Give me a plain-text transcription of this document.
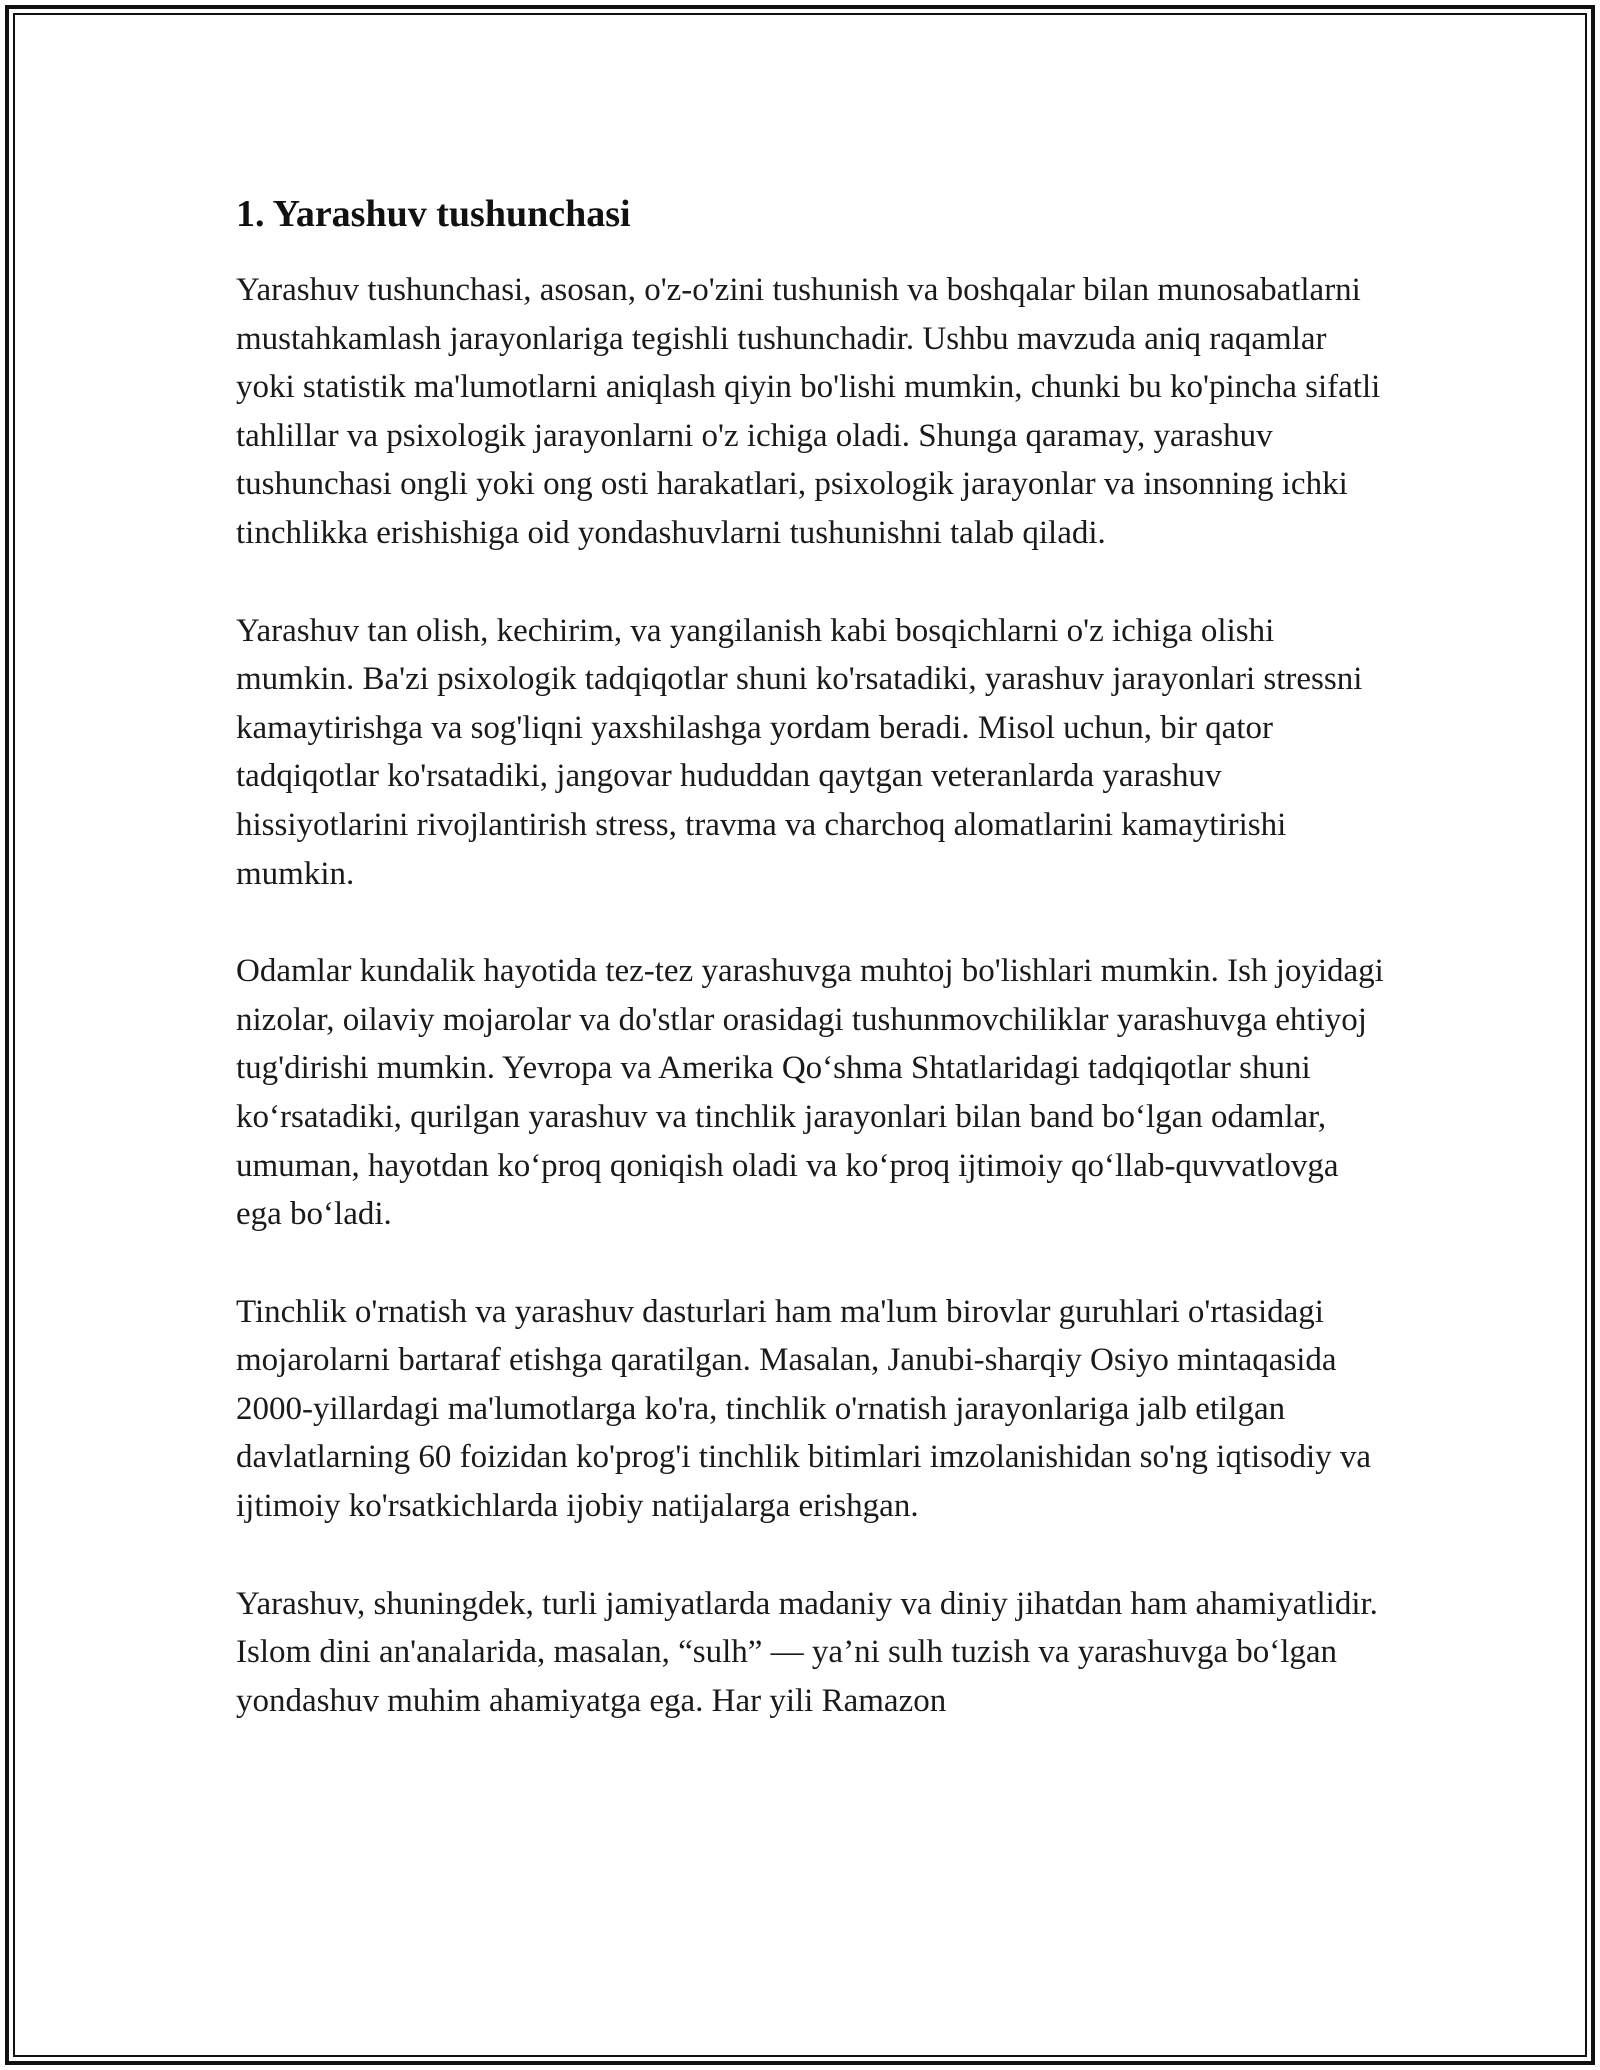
1. Yarashuv tushunchasi

Yarashuv tushunchasi, asosan, o'z-o'zini tushunish va boshqalar bilan munosabatlarni mustahkamlash jarayonlariga tegishli tushunchadir. Ushbu mavzuda aniq raqamlar yoki statistik ma'lumotlarni aniqlash qiyin bo'lishi mumkin, chunki bu ko'pincha sifatli tahlillar va psixologik jarayonlarni o'z ichiga oladi. Shunga qaramay, yarashuv tushunchasi ongli yoki ong osti harakatlari, psixologik jarayonlar va insonning ichki tinchlikka erishishiga oid yondashuvlarni tushunishni talab qiladi.

Yarashuv tan olish, kechirim, va yangilanish kabi bosqichlarni o'z ichiga olishi mumkin. Ba'zi psixologik tadqiqotlar shuni ko'rsatadiki, yarashuv jarayonlari stressni kamaytirishga va sog'liqni yaxshilashga yordam beradi. Misol uchun, bir qator tadqiqotlar ko'rsatadiki, jangovar hududdan qaytgan veteranlarda yarashuv hissiyotlarini rivojlantirish stress, travma va charchoq alomatlarini kamaytirishi mumkin.

Odamlar kundalik hayotida tez-tez yarashuvga muhtoj bo'lishlari mumkin. Ish joyidagi nizolar, oilaviy mojarolar va do'stlar orasidagi tushunmovchiliklar yarashuvga ehtiyoj tug'dirishi mumkin. Yevropa va Amerika Qo‘shma Shtatlaridagi tadqiqotlar shuni ko‘rsatadiki, qurilgan yarashuv va tinchlik jarayonlari bilan band bo‘lgan odamlar, umuman, hayotdan ko‘proq qoniqish oladi va ko‘proq ijtimoiy qo‘llab-quvvatlovga ega bo‘ladi.

Tinchlik o'rnatish va yarashuv dasturlari ham ma'lum birovlar guruhlari o'rtasidagi mojarolarni bartaraf etishga qaratilgan. Masalan, Janubi-sharqiy Osiyo mintaqasida 2000-yillardagi ma'lumotlarga ko'ra, tinchlik o'rnatish jarayonlariga jalb etilgan davlatlarning 60 foizidan ko'prog'i tinchlik bitimlari imzolanishidan so'ng iqtisodiy va ijtimoiy ko'rsatkichlarda ijobiy natijalarga erishgan.

Yarashuv, shuningdek, turli jamiyatlarda madaniy va diniy jihatdan ham ahamiyatlidir. Islom dini an'analarida, masalan, “sulh” — ya’ni sulh tuzish va yarashuvga bo‘lgan yondashuv muhim ahamiyatga ega. Har yili Ramazon
